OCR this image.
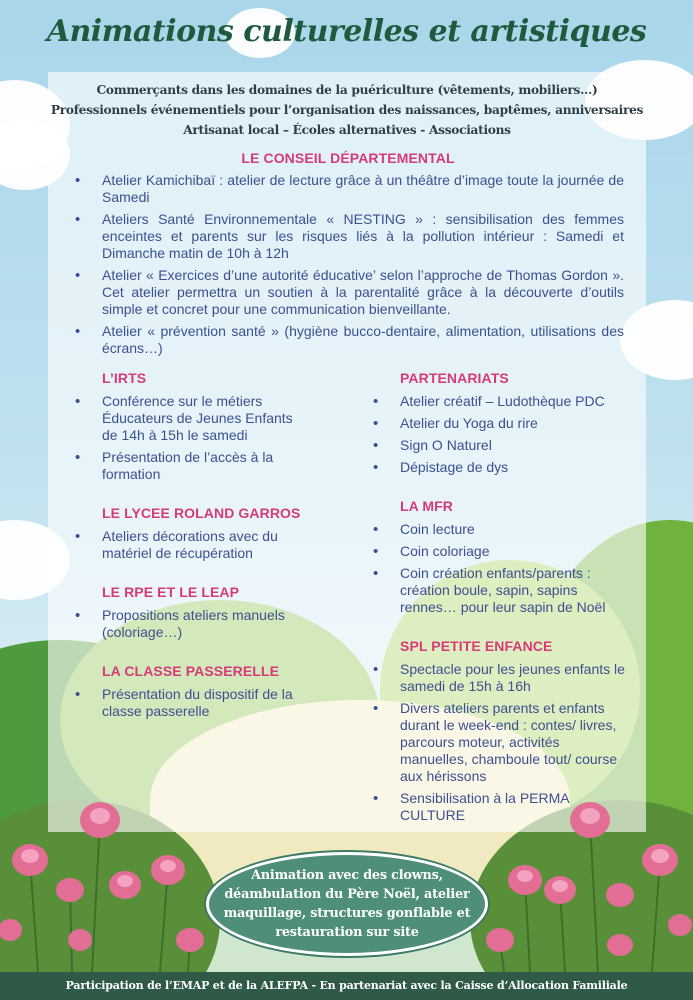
Animations culturelles et artistiques
Commerçants dans les domaines de la puériculture (vêtements, mobiliers…)
Professionnels événementiels pour l’organisation des naissances, baptêmes, anniversaires
Artisanat local – Écoles alternatives - Associations
LE CONSEIL DÉPARTEMENTAL
• Atelier Kamichibaï : atelier de lecture grâce à un théâtre d’image toute la journée de Samedi
• Ateliers Santé Environnementale « NESTING » : sensibilisation des femmes enceintes et parents sur les risques liés à la pollution intérieur : Samedi et Dimanche matin de 10h à 12h
• Atelier « Exercices d’une autorité éducative’ selon l’approche de Thomas Gordon ». Cet atelier permettra un soutien à la parentalité grâce à la découverte d’outils simple et concret pour une communication bienveillante.
• Atelier « prévention santé » (hygiène bucco-dentaire, alimentation, utilisations des écrans…)
L’IRTS
• Conférence sur le métiers Éducateurs de Jeunes Enfants de 14h à 15h le samedi
• Présentation de l’accès à la formation
LE LYCEE ROLAND GARROS
• Ateliers décorations avec du matériel de récupération
LE RPE ET LE LEAP
• Propositions ateliers manuels (coloriage…)
LA CLASSE PASSERELLE
• Présentation du dispositif de la classe passerelle
PARTENARIATS
• Atelier créatif – Ludothèque PDC
• Atelier du Yoga du rire
• Sign O Naturel
• Dépistage de dys
LA MFR
• Coin lecture
• Coin coloriage
• Coin création enfants/parents : création boule, sapin, sapins rennes… pour leur sapin de Noël
SPL PETITE ENFANCE
• Spectacle pour les jeunes enfants le samedi de 15h à 16h
• Divers ateliers parents et enfants durant le week-end : contes/ livres, parcours moteur, activités manuelles, chamboule tout/ course aux hérissons
• Sensibilisation à la PERMA CULTURE
Animation avec des clowns, déambulation du Père Noël, atelier maquillage, structures gonflable et restauration sur site
Participation de l’EMAP et de la ALEFPA - En partenariat avec la Caisse d’Allocation Familiale
